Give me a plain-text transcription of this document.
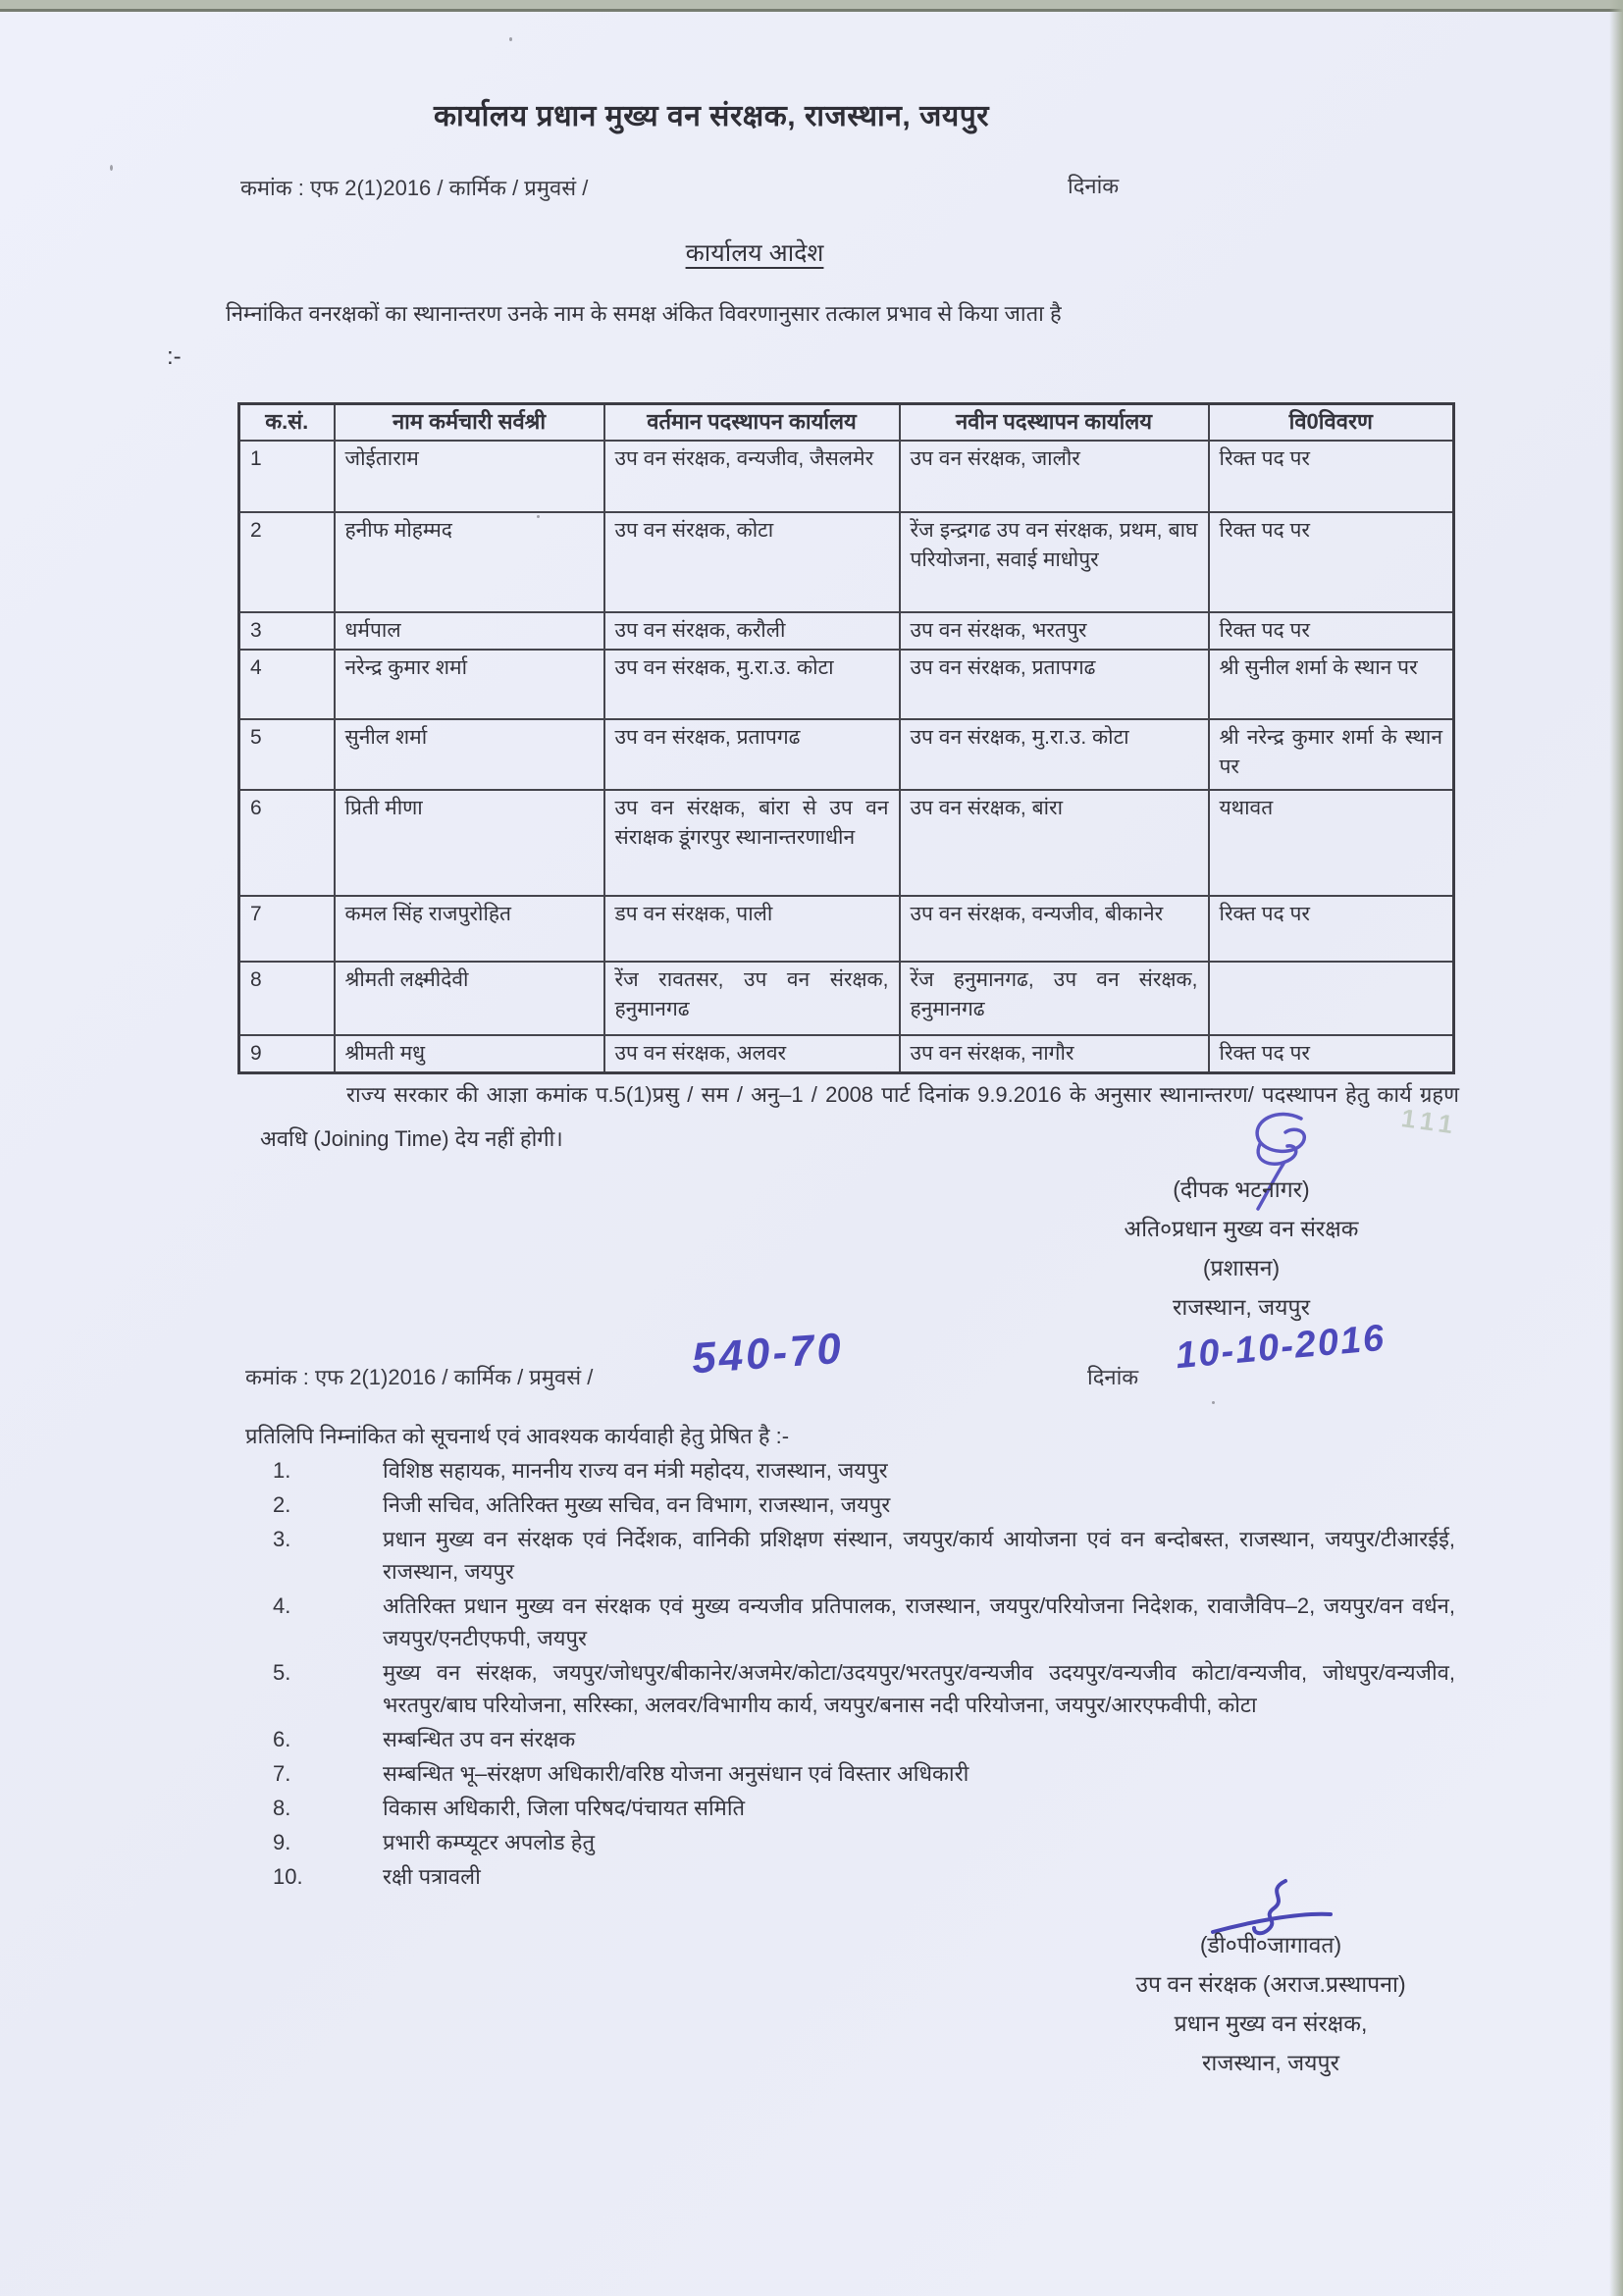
कार्यालय प्रधान मुख्य वन संरक्षक, राजस्थान, जयपुर
कमांक : एफ 2(1)2016 / कार्मिक / प्रमुवसं /	दिनांक
कार्यालय आदेश
निम्नांकित वनरक्षकों का स्थानान्तरण उनके नाम के समक्ष अंकित विवरणानुसार तत्काल प्रभाव से किया जाता है
:-
क.सं.	नाम कर्मचारी सर्वश्री	वर्तमान पदस्थापन कार्यालय	नवीन पदस्थापन कार्यालय	वि0विवरण
1	जोईताराम	उप वन संरक्षक, वन्यजीव, जैसलमेर	उप वन संरक्षक, जालौर	रिक्त पद पर
2	हनीफ मोहम्मद	उप वन संरक्षक, कोटा	रेंज इन्द्रगढ उप वन संरक्षक, प्रथम, बाघ परियोजना, सवाई माधोपुर	रिक्त पद पर
3	धर्मपाल	उप वन संरक्षक, करौली	उप वन संरक्षक, भरतपुर	रिक्त पद पर
4	नरेन्द्र कुमार शर्मा	उप वन संरक्षक, मु.रा.उ. कोटा	उप वन संरक्षक, प्रतापगढ	श्री सुनील शर्मा के स्थान पर
5	सुनील शर्मा	उप वन संरक्षक, प्रतापगढ	उप वन संरक्षक, मु.रा.उ. कोटा	श्री नरेन्द्र कुमार शर्मा के स्थान पर
6	प्रिती मीणा	उप वन संरक्षक, बांरा से उप वन संराक्षक डूंगरपुर स्थानान्तरणाधीन	उप वन संरक्षक, बांरा	यथावत
7	कमल सिंह राजपुरोहित	डप वन संरक्षक, पाली	उप वन संरक्षक, वन्यजीव, बीकानेर	रिक्त पद पर
8	श्रीमती लक्ष्मीदेवी	रेंज रावतसर, उप वन संरक्षक, हनुमानगढ	रेंज हनुमानगढ, उप वन संरक्षक, हनुमानगढ	
9	श्रीमती मधु	उप वन संरक्षक, अलवर	उप वन संरक्षक, नागौर	रिक्त पद पर
राज्य सरकार की आज्ञा कमांक प.5(1)प्रसु / सम / अनु–1 / 2008 पार्ट दिनांक 9.9.2016 के अनुसार स्थानान्तरण/ पदस्थापन हेतु कार्य ग्रहण अवधि (Joining Time) देय नहीं होगी।
(दीपक भटनागर)
अति०प्रधान मुख्य वन संरक्षक
(प्रशासन)
राजस्थान, जयपुर
कमांक : एफ 2(1)2016 / कार्मिक / प्रमुवसं / 540-70	दिनांक
10-10-2016
प्रतिलिपि निम्नांकित को सूचनार्थ एवं आवश्यक कार्यवाही हेतु प्रेषित है :-
1.	विशिष्ठ सहायक, माननीय राज्य वन मंत्री महोदय, राजस्थान, जयपुर
2.	निजी सचिव, अतिरिक्त मुख्य सचिव, वन विभाग, राजस्थान, जयपुर
3.	प्रधान मुख्य वन संरक्षक एवं निर्देशक, वानिकी प्रशिक्षण संस्थान, जयपुर/कार्य आयोजना एवं वन बन्दोबस्त, राजस्थान, जयपुर/टीआरईई, राजस्थान, जयपुर
4.	अतिरिक्त प्रधान मुख्य वन संरक्षक एवं मुख्य वन्यजीव प्रतिपालक, राजस्थान, जयपुर/परियोजना निदेशक, रावाजैविप–2, जयपुर/वन वर्धन, जयपुर/एनटीएफपी, जयपुर
5.	मुख्य वन संरक्षक, जयपुर/जोधपुर/बीकानेर/अजमेर/कोटा/उदयपुर/भरतपुर/वन्यजीव उदयपुर/वन्यजीव कोटा/वन्यजीव, जोधपुर/वन्यजीव, भरतपुर/बाघ परियोजना, सरिस्का, अलवर/विभागीय कार्य, जयपुर/बनास नदी परियोजना, जयपुर/आरएफवीपी, कोटा
6.	सम्बन्धित उप वन संरक्षक
7.	सम्बन्धित भू–संरक्षण अधिकारी/वरिष्ठ योजना अनुसंधान एवं विस्तार अधिकारी
8.	विकास अधिकारी, जिला परिषद/पंचायत समिति
9.	प्रभारी कम्प्यूटर अपलोड हेतु
10.	रक्षी पत्रावली
(डी०पी०जागावत)
उप वन संरक्षक (अराज.प्रस्थापना)
प्रधान मुख्य वन संरक्षक,
राजस्थान, जयपुर
111
